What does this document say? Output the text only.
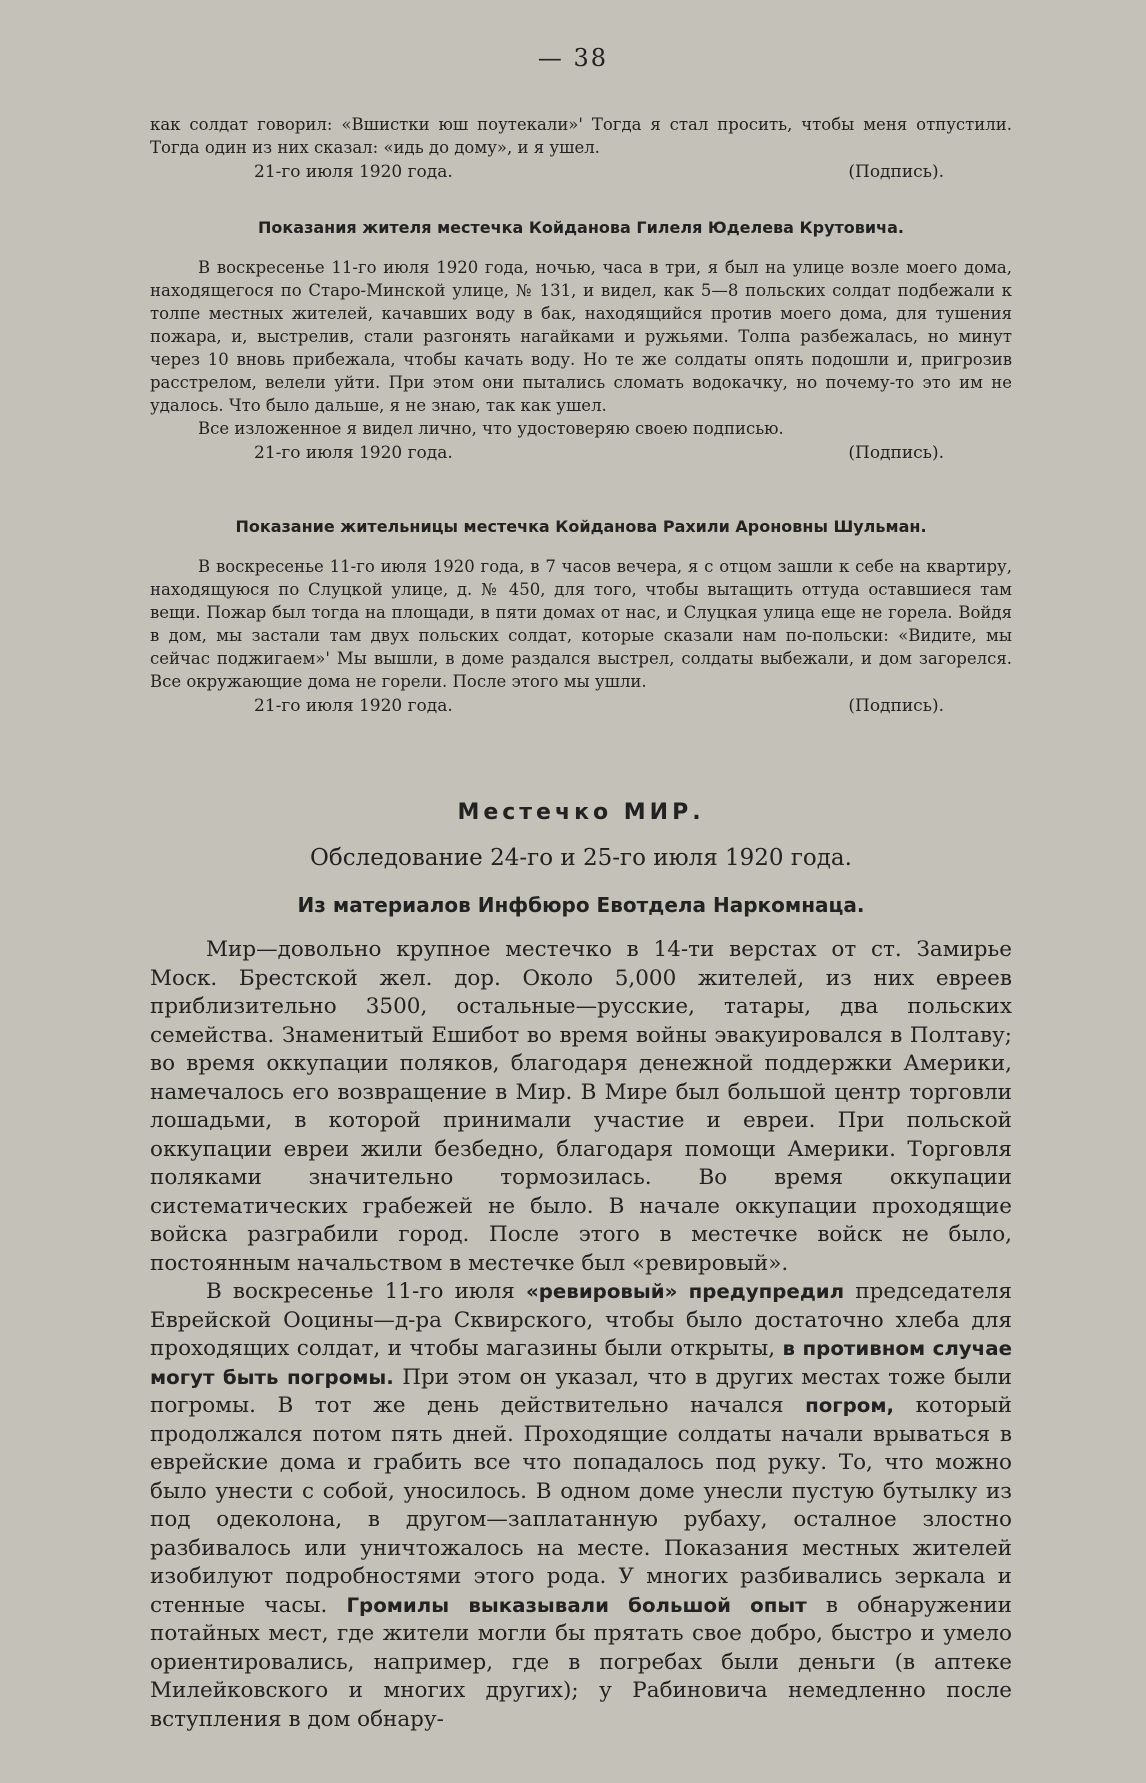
— 38

как солдат говорил: «Вшистки юш поутекали»' Тогда я стал просить, чтобы меня отпустили. Тогда один из них сказал: «идь до дому», и я ушел.

21-го июля 1920 года.	(Подпись).
Показания жителя местечка Койданова Гилеля Юделева Крутовича.

В воскресенье 11-го июля 1920 года, ночью, часа в три, я был на улице возле моего дома, находящегося по Старо-Минской улице, № 131, и видел, как 5—8 польских солдат подбежали к толпе местных жителей, качавших воду в бак, находящийся против моего дома, для тушения пожара, и, выстрелив, стали разгонять нагайками и ружьями. Толпа разбежалась, но минут через 10 вновь прибежала, чтобы качать воду. Но те же солдаты опять подошли и, пригрозив расстрелом, велели уйти. При этом они пытались сломать водокачку, но почему-то это им не удалось. Что было дальше, я не знаю, так как ушел.

Все изложенное я видел лично, что удостоверяю своею подписью.

21-го июля 1920 года.	(Подпись).
Показание жительницы местечка Койданова Рахили Ароновны Шульман.

В воскресенье 11-го июля 1920 года, в 7 часов вечера, я с отцом зашли к себе на квартиру, находящуюся по Слуцкой улице, д. № 450, для того, чтобы вытащить оттуда оставшиеся там вещи. Пожар был тогда на площади, в пяти домах от нас, и Слуцкая улица еще не горела. Войдя в дом, мы застали там двух польских солдат, которые сказали нам по-польски: «Видите, мы сейчас поджигаем»' Мы вышли, в доме раздался выстрел, солдаты выбежали, и дом загорелся. Все окружающие дома не горели. После этого мы ушли.

21-го июля 1920 года.	(Подпись).
Местечко МИР.
Обследование 24-го и 25-го июля 1920 года.
Из материалов Инфбюро Евотдела Наркомнаца.

Мир—довольно крупное местечко в 14-ти верстах от ст. Замирье Моск. Брестской жел. дор. Около 5,000 жителей, из них евреев приблизительно 3500, остальные—русские, татары, два польских семейства. Знаменитый Ешибот во время войны эвакуировался в Полтаву; во время оккупации поляков, благодаря денежной поддержки Америки, намечалось его возвращение в Мир. В Мире был большой центр торговли лошадьми, в которой принимали участие и евреи. При польской оккупации евреи жили безбедно, благодаря помощи Америки. Торговля поляками значительно тормозилась. Во время оккупации систематических грабежей не было. В начале оккупации проходящие войска разграбили город. После этого в местечке войск не было, постоянным начальством в местечке был «ревировый».

В воскресенье 11-го июля «ревировый» предупредил председателя Еврейской Ооцины—д-ра Сквирского, чтобы было достаточно хлеба для проходящих солдат, и чтобы магазины были открыты, в противном случае могут быть погромы. При этом он указал, что в других местах тоже были погромы. В тот же день действительно начался погром, который продолжался потом пять дней. Проходящие солдаты начали врываться в еврейские дома и грабить все что попадалось под руку. То, что можно было унести с собой, уносилось. В одном доме унесли пустую бутылку из под одеколона, в другом—заплатанную рубаху, осталное злостно разбивалось или уничтожалось на месте. Показания местных жителей изобилуют подробностями этого рода. У многих разбивались зеркала и стенные часы. Громилы выказывали большой опыт в обнаружении потайных мест, где жители могли бы прятать свое добро, быстро и умело ориентировались, например, где в погребах были деньги (в аптеке Милейковского и многих других); у Рабиновича немедленно после вступления в дом обнару-
